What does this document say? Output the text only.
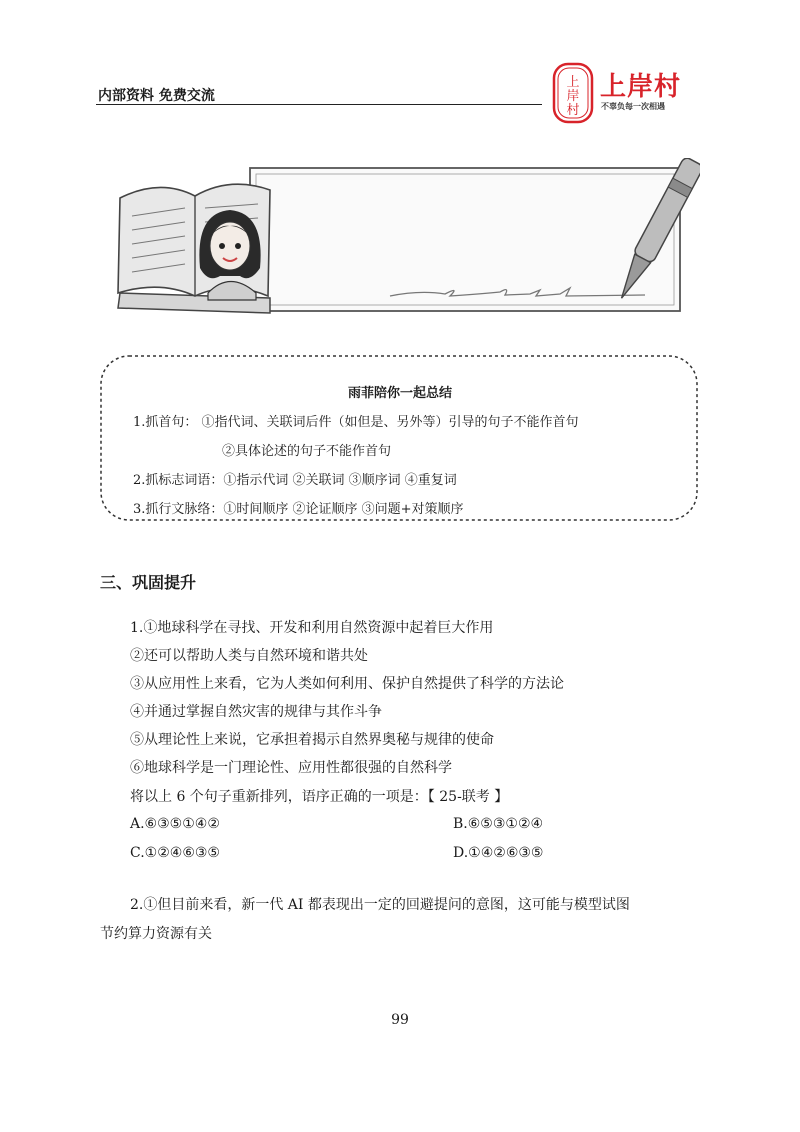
内部资料 免费交流
上
岸
村
上岸村
不辜负每一次相遇
雨菲陪你一起总结
1.抓首句： ①指代词、关联词后件（如但是、另外等）引导的句子不能作首句
②具体论述的句子不能作首句
2.抓标志词语：①指示代词 ②关联词 ③顺序词 ④重复词
3.抓行文脉络：①时间顺序 ②论证顺序 ③问题+对策顺序
三、巩固提升
1.①地球科学在寻找、开发和利用自然资源中起着巨大作用
②还可以帮助人类与自然环境和谐共处
③从应用性上来看，它为人类如何利用、保护自然提供了科学的方法论
④并通过掌握自然灾害的规律与其作斗争
⑤从理论性上来说，它承担着揭示自然界奥秘与规律的使命
⑥地球科学是一门理论性、应用性都很强的自然科学
将以上 6 个句子重新排列，语序正确的一项是：【 25-联考 】
A.⑥③⑤①④②	B.⑥⑤③①②④
C.①②④⑥③⑤	D.①④②⑥③⑤
2.①但目前来看，新一代 AI 都表现出一定的回避提问的意图，这可能与模型试图
节约算力资源有关
99
